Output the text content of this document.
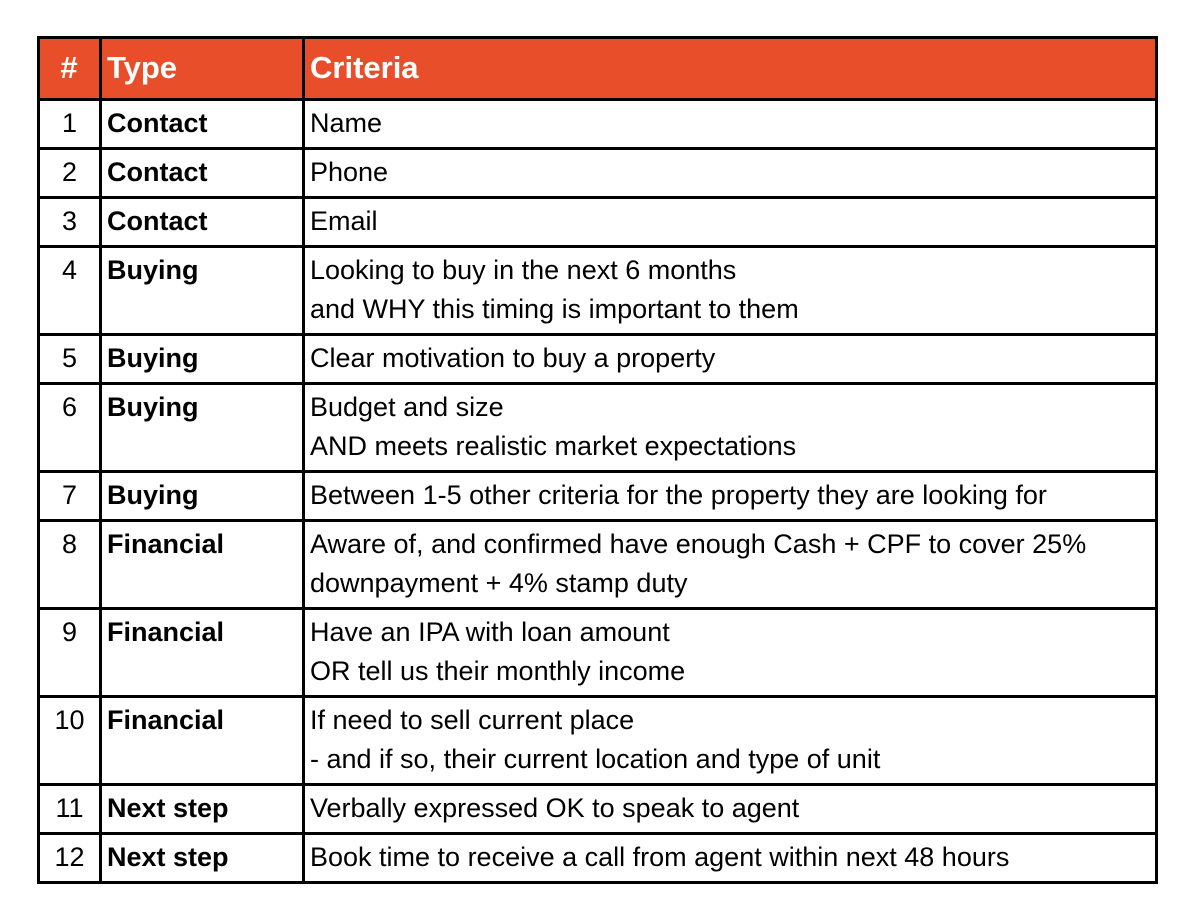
#	Type	Criteria
1	Contact	Name

2	Contact	Phone

3	Contact	Email

4	Buying	Looking to buy in the next 6 months
and WHY this timing is important to them

5	Buying	Clear motivation to buy a property

6	Buying	Budget and size
AND meets realistic market expectations

7	Buying	Between 1-5 other criteria for the property they are looking for

8	Financial	Aware of, and confirmed have enough Cash + CPF to cover 25%
downpayment + 4% stamp duty

9	Financial	Have an IPA with loan amount
OR tell us their monthly income

10	Financial	If need to sell current place
- and if so, their current location and type of unit

11	Next step	Verbally expressed OK to speak to agent

12	Next step	Book time to receive a call from agent within next 48 hours
